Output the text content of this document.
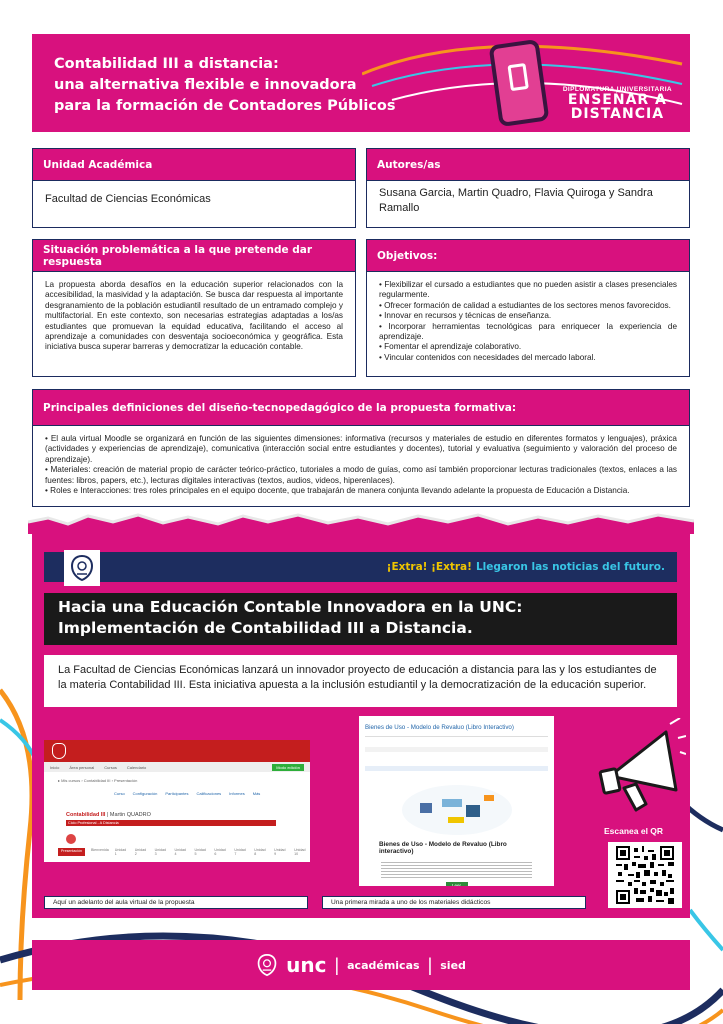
Contabilidad III a distancia:
una alternativa flexible e innovadora
para la formación de Contadores Públicos
DIPLOMATURA UNIVERSITARIA
ENSEÑAR A
DISTANCIA
Unidad Académica
Facultad de Ciencias Económicas
Autores/as
Susana Garcia, Martin Quadro, Flavia Quiroga y Sandra Ramallo
Situación problemática a la que pretende dar respuesta
La propuesta aborda desafíos en la educación superior relacionados con la accesibilidad, la masividad y la adaptación. Se busca dar respuesta al importante desgranamiento de la población estudiantil resultado de un entramado complejo y multifactorial. En este contexto, son necesarias estrategias adaptadas a los/as estudiantes que promuevan la equidad educativa, facilitando el acceso al aprendizaje a comunidades con desventaja socioeconómica y geográfica. Esta iniciativa busca superar barreras y democratizar la educación contable.
Objetivos:
• Flexibilizar el cursado a estudiantes que no pueden asistir a clases presenciales regularmente.
• Ofrecer formación de calidad a estudiantes de los sectores menos favorecidos.
• Innovar en recursos y técnicas de enseñanza.
• Incorporar herramientas tecnológicas para enriquecer la experiencia de aprendizaje.
• Fomentar el aprendizaje colaborativo.
• Vincular contenidos con necesidades del mercado laboral.
Principales definiciones del diseño-tecnopedagógico de la propuesta formativa:
• El aula virtual Moodle se organizará en función de las siguientes dimensiones: informativa (recursos y materiales de estudio en diferentes formatos y lenguajes), práxica (actividades y experiencias de aprendizaje), comunicativa (interacción social entre estudiantes y docentes), tutorial y evaluativa (seguimiento y valoración del proceso de aprendizaje).
• Materiales: creación de material propio de carácter teórico-práctico, tutoriales a modo de guías, como así también proporcionar lecturas tradicionales (textos, enlaces a las fuentes: libros, papers, etc.), lecturas digitales interactivas (textos, audios, videos, hiperenlaces).
• Roles e Interacciones: tres roles principales en el equipo docente, que trabajarán de manera conjunta llevando adelante la propuesta de Educación a Distancia.
¡Extra! ¡Extra! Llegaron las noticias del futuro.
Hacia una Educación Contable Innovadora en la UNC: Implementación de Contabilidad III a Distancia.
La Facultad de Ciencias Económicas lanzará un innovador proyecto de educación a distancia para las y los estudiantes de la materia Contabilidad III. Esta iniciativa apuesta a la inclusión estudiantil y la democratización de la educación superior.
Inicio	Área personal	Cursos	Calendario	Modo edición
▸ Mis cursos › Contabilidad III › Presentación
Curso Configuración Participantes Calificaciones Informes Más
Contabilidad III | Martin QUADRO
Ciclo Profesional - A Distancia
Presentación	Bienvenida Unidad 1
Unidad 2
Unidad 3
Unidad 4
Unidad 5
Unidad 6
Unidad 7
Unidad 8
Unidad 9
Unidad 10
Bienes de Uso - Modelo de Revaluo (Libro Interactivo)
Bienes de Uso - Modelo de Revaluo (Libro interactivo)
Leer
Aquí un adelanto del aula virtual de la propuesta	Una primera mirada a uno de los materiales didácticos
Escanea el QR
unc | académicas | sied
